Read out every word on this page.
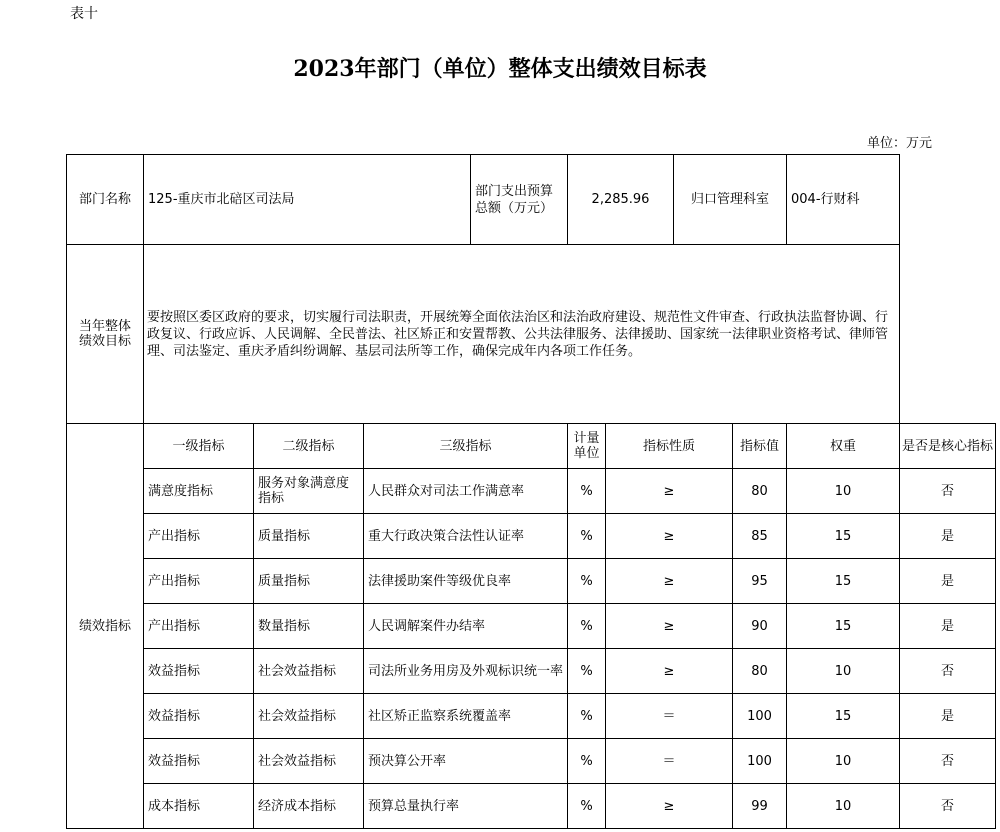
表十
2023年部门（单位）整体支出绩效目标表
单位：万元
部门名称	125-重庆市北碚区司法局			部门支出预算总额（万元）	2,285.96		归口管理科室		004-行财科	
当年整体绩效目标	要按照区委区政府的要求，切实履行司法职责，开展统筹全面依法治区和法治政府建设、规范性文件审查、行政执法监督协调、行政复议、行政应诉、人民调解、全民普法、社区矫正和安置帮教、公共法律服务、法律援助、国家统一法律职业资格考试、律师管理、司法鉴定、重庆矛盾纠纷调解、基层司法所等工作，确保完成年内各项工作任务。									
绩效指标	一级指标	二级指标	三级指标		计量单位	指标性质		指标值	权重	是否是核心指标
	满意度指标	服务对象满意度指标	人民群众对司法工作满意率		%	≥		80	10	否
	产出指标	质量指标	重大行政决策合法性认证率		%	≥		85	15	是
	产出指标	质量指标	法律援助案件等级优良率		%	≥		95	15	是
	产出指标	数量指标	人民调解案件办结率		%	≥		90	15	是
	效益指标	社会效益指标	司法所业务用房及外观标识统一率		%	≥		80	10	否
	效益指标	社会效益指标	社区矫正监察系统覆盖率		%	＝		100	15	是
	效益指标	社会效益指标	预决算公开率		%	＝		100	10	否
	成本指标	经济成本指标	预算总量执行率		%	≥		99	10	否
